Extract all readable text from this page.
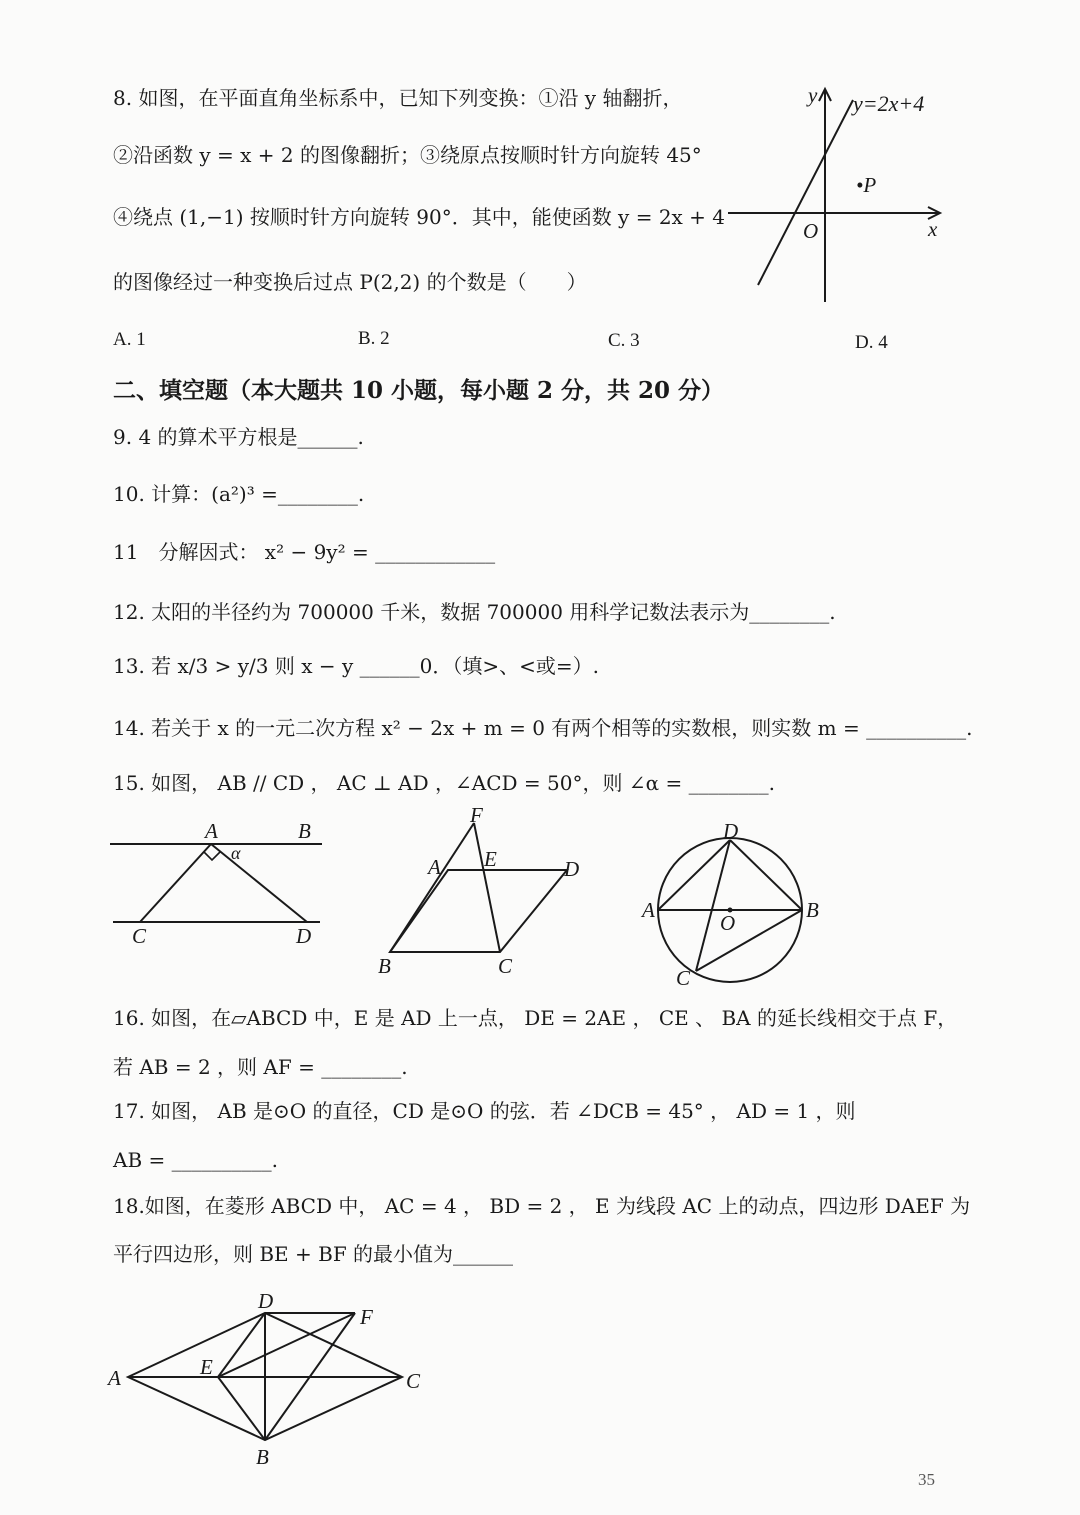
8. 如图，在平面直角坐标系中，已知下列变换：①沿 y 轴翻折，
②沿函数 y = x + 2 的图像翻折；③绕原点按顺时针方向旋转 45°
④绕点 (1,−1) 按顺时针方向旋转 90°．其中，能使函数 y = 2x + 4
的图像经过一种变换后过点 P(2,2) 的个数是（　　）
A. 1	B. 2	C. 3	D. 4
y=2x+4
y
x
O
•P
二、填空题（本大题共 10 小题，每小题 2 分，共 20 分）
9. 4 的算术平方根是______.
10. 计算：(a²)³ =________.
11　分解因式： x² − 9y² = ____________
12. 太阳的半径约为 700000 千米，数据 700000 用科学记数法表示为________.
13. 若 x/3 > y/3 则 x − y ______0．（填>、<或=）.
14. 若关于 x 的一元二次方程 x² − 2x + m = 0 有两个相等的实数根，则实数 m = __________.
15. 如图， AB // CD ， AC ⊥ AD ，∠ACD = 50°，则 ∠α = ________.
A	B
C	D
α
F
A E	D
B	C
D
A
O
B
C
16. 如图，在▱ABCD 中，E 是 AD 上一点， DE = 2AE ， CE 、 BA 的延长线相交于点 F，
若 AB = 2 ，则 AF = ________.
17. 如图， AB 是⊙O 的直径，CD 是⊙O 的弦．若 ∠DCB = 45° ， AD = 1 ，则
AB = __________.
18.如图，在菱形 ABCD 中， AC = 4 ， BD = 2 ， E 为线段 AC 上的动点，四边形 DAEF 为
平行四边形，则 BE + BF 的最小值为______
D
F
A	E
C
B
35
